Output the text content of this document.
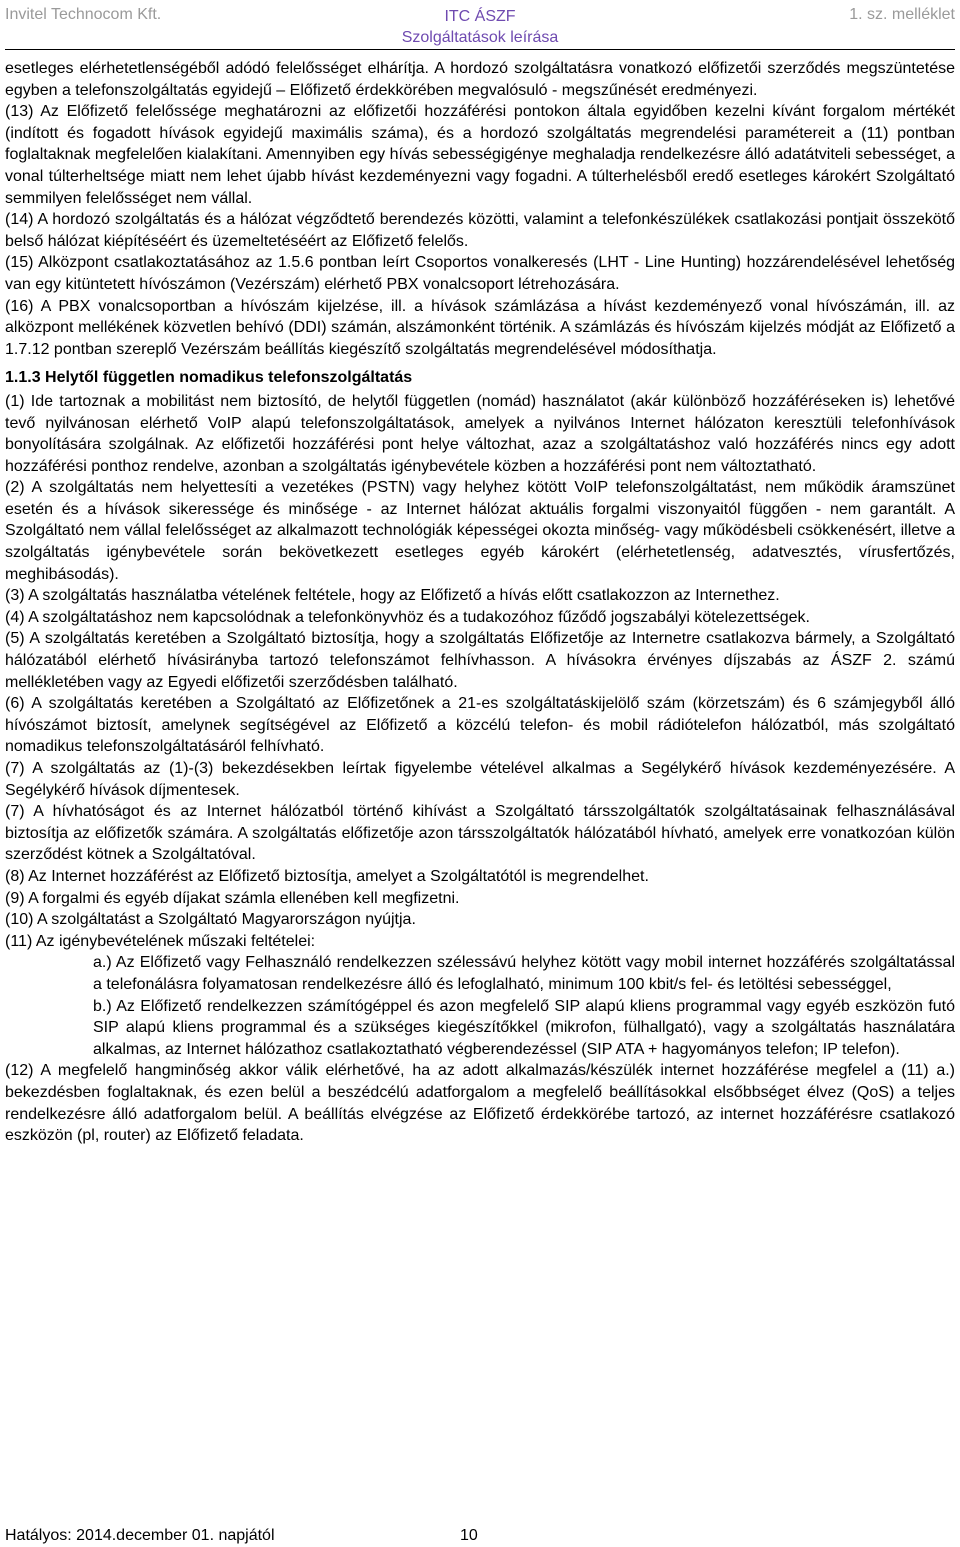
Invitel Technocom Kft.	ITC ÁSZF
Szolgáltatások leírása
1. sz. melléklet

esetleges elérhetetlenségéből adódó felelősséget elhárítja. A hordozó szolgáltatásra vonatkozó előfizetői szerződés megszüntetése egyben a telefonszolgáltatás egyidejű – Előfizető érdekkörében megvalósuló - megszűnését eredményezi.

(13) Az Előfizető felelőssége meghatározni az előfizetői hozzáférési pontokon általa egyidőben kezelni kívánt forgalom mértékét (indított és fogadott hívások egyidejű maximális száma), és a hordozó szolgáltatás megrendelési paramétereit a (11) pontban foglaltaknak megfelelően kialakítani. Amennyiben egy hívás sebességigénye meghaladja rendelkezésre álló adatátviteli sebességet, a vonal túlterheltsége miatt nem lehet újabb hívást kezdeményezni vagy fogadni. A túlterhelésből eredő esetleges károkért Szolgáltató semmilyen felelősséget nem vállal.

(14) A hordozó szolgáltatás és a hálózat végződtető berendezés közötti, valamint a telefonkészülékek csatlakozási pontjait összekötő belső hálózat kiépítéséért és üzemeltetéséért az Előfizető felelős.

(15) Alközpont csatlakoztatásához az 1.5.6 pontban leírt Csoportos vonalkeresés (LHT - Line Hunting) hozzárendelésével lehetőség van egy kitüntetett hívószámon (Vezérszám) elérhető PBX vonalcsoport létrehozására.

(16) A PBX vonalcsoportban a hívószám kijelzése, ill. a hívások számlázása a hívást kezdeményező vonal hívószámán, ill. az alközpont mellékének közvetlen behívó (DDI) számán, alszámonként történik. A számlázás és hívószám kijelzés módját az Előfizető a 1.7.12 pontban szereplő Vezérszám beállítás kiegészítő szolgáltatás megrendelésével módosíthatja.

1.1.3 Helytől független nomadikus telefonszolgáltatás

(1) Ide tartoznak a mobilitást nem biztosító, de helytől független (nomád) használatot (akár különböző hozzáféréseken is) lehetővé tevő nyilvánosan elérhető VoIP alapú telefonszolgáltatások, amelyek a nyilvános Internet hálózaton keresztüli telefonhívások bonyolítására szolgálnak. Az előfizetői hozzáférési pont helye változhat, azaz a szolgáltatáshoz való hozzáférés nincs egy adott hozzáférési ponthoz rendelve, azonban a szolgáltatás igénybevétele közben a hozzáférési pont nem változtatható.

(2) A szolgáltatás nem helyettesíti a vezetékes (PSTN) vagy helyhez kötött VoIP telefonszolgáltatást, nem működik áramszünet esetén és a hívások sikeressége és minősége - az Internet hálózat aktuális forgalmi viszonyaitól függően - nem garantált. A Szolgáltató nem vállal felelősséget az alkalmazott technológiák képességei okozta minőség- vagy működésbeli csökkenésért, illetve a szolgáltatás igénybevétele során bekövetkezett esetleges egyéb károkért (elérhetetlenség, adatvesztés, vírusfertőzés, meghibásodás).

(3) A szolgáltatás használatba vételének feltétele, hogy az Előfizető a hívás előtt csatlakozzon az Internethez.

(4) A szolgáltatáshoz nem kapcsolódnak a telefonkönyvhöz és a tudakozóhoz fűződő jogszabályi kötelezettségek.

(5) A szolgáltatás keretében a Szolgáltató biztosítja, hogy a szolgáltatás Előfizetője az Internetre csatlakozva bármely, a Szolgáltató hálózatából elérhető hívásirányba tartozó telefonszámot felhívhasson. A hívásokra érvényes díjszabás az ÁSZF 2. számú mellékletében vagy az Egyedi előfizetői szerződésben található.

(6) A szolgáltatás keretében a Szolgáltató az Előfizetőnek a 21-es szolgáltatáskijelölő szám (körzetszám) és 6 számjegyből álló hívószámot biztosít, amelynek segítségével az Előfizető a közcélú telefon- és mobil rádiótelefon hálózatból, más szolgáltató nomadikus telefonszolgáltatásáról felhívható.

(7) A szolgáltatás az (1)-(3) bekezdésekben leírtak figyelembe vételével alkalmas a Segélykérő hívások kezdeményezésére. A Segélykérő hívások díjmentesek.

(7) A hívhatóságot és az Internet hálózatból történő kihívást a Szolgáltató társszolgáltatók szolgáltatásainak felhasználásával biztosítja az előfizetők számára. A szolgáltatás előfizetője azon társszolgáltatók hálózatából hívható, amelyek erre vonatkozóan külön szerződést kötnek a Szolgáltatóval.

(8) Az Internet hozzáférést az Előfizető biztosítja, amelyet a Szolgáltatótól is megrendelhet.

(9) A forgalmi és egyéb díjakat számla ellenében kell megfizetni.

(10) A szolgáltatást a Szolgáltató Magyarországon nyújtja.

(11) Az igénybevételének műszaki feltételei:

a.) Az Előfizető vagy Felhasználó rendelkezzen szélessávú helyhez kötött vagy mobil internet hozzáférés szolgáltatással a telefonálásra folyamatosan rendelkezésre álló és lefoglalható, minimum 100 kbit/s fel- és letöltési sebességgel,

b.) Az Előfizető rendelkezzen számítógéppel és azon megfelelő SIP alapú kliens programmal vagy egyéb eszközön futó SIP alapú kliens programmal és a szükséges kiegészítőkkel (mikrofon, fülhallgató), vagy a szolgáltatás használatára alkalmas, az Internet hálózathoz csatlakoztatható végberendezéssel (SIP ATA + hagyományos telefon; IP telefon).

(12) A megfelelő hangminőség akkor válik elérhetővé, ha az adott alkalmazás/készülék internet hozzáférése megfelel a (11) a.) bekezdésben foglaltaknak, és ezen belül a beszédcélú adatforgalom a megfelelő beállításokkal elsőbbséget élvez (QoS) a teljes rendelkezésre álló adatforgalom belül. A beállítás elvégzése az Előfizető érdekkörébe tartozó, az internet hozzáférésre csatlakozó eszközön (pl, router) az Előfizető feladata.

Hatályos: 2014.december 01. napjától	10
